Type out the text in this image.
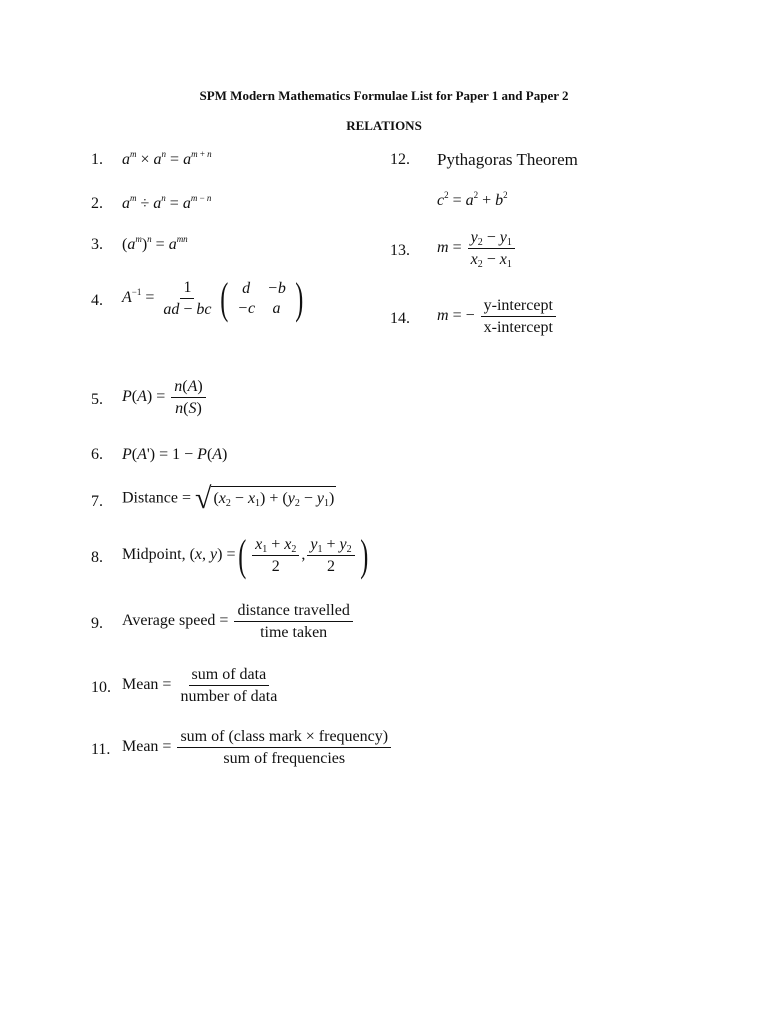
SPM Modern Mathematics Formulae List for Paper 1 and Paper 2
RELATIONS
1. $a^m \times a^n = a^{m + n}$
2. $a^m \div a^n = a^{m - n}$
3. $(a^m)^n = a^{mn}$
4. $A^{-1} = \frac{1}{ad - bc}$ ( d	−b
−c	a )
5. $P(A) = \frac{n(A)}{n(S)}$
6. P(A') = 1 − P(A)
7. Distance = √ $(x_2 - x_1) + (y_2 - y_1)$
8. Midpoint, (x, y) =( $\frac{x_1 + x_2}{2}$ , $\frac{y_1 + y_2}{2}$ )
9. Average speed = $\frac{\text{distance travelled}}{\text{time taken}}$
10. Mean = $\frac{\text{sum of data}}{\text{number of data}}$
11. Mean = $\frac{\text{sum of (class mark × frequency)}}{\text{sum of frequencies}}$
12. Pythagoras Theorem
$c^2 = a^2 + b^2$
13. $m = \frac{y_2 - y_1}{x_2 - x_1}$
14. m = − $\frac{\text{y-intercept}}{\text{x-intercept}}$
